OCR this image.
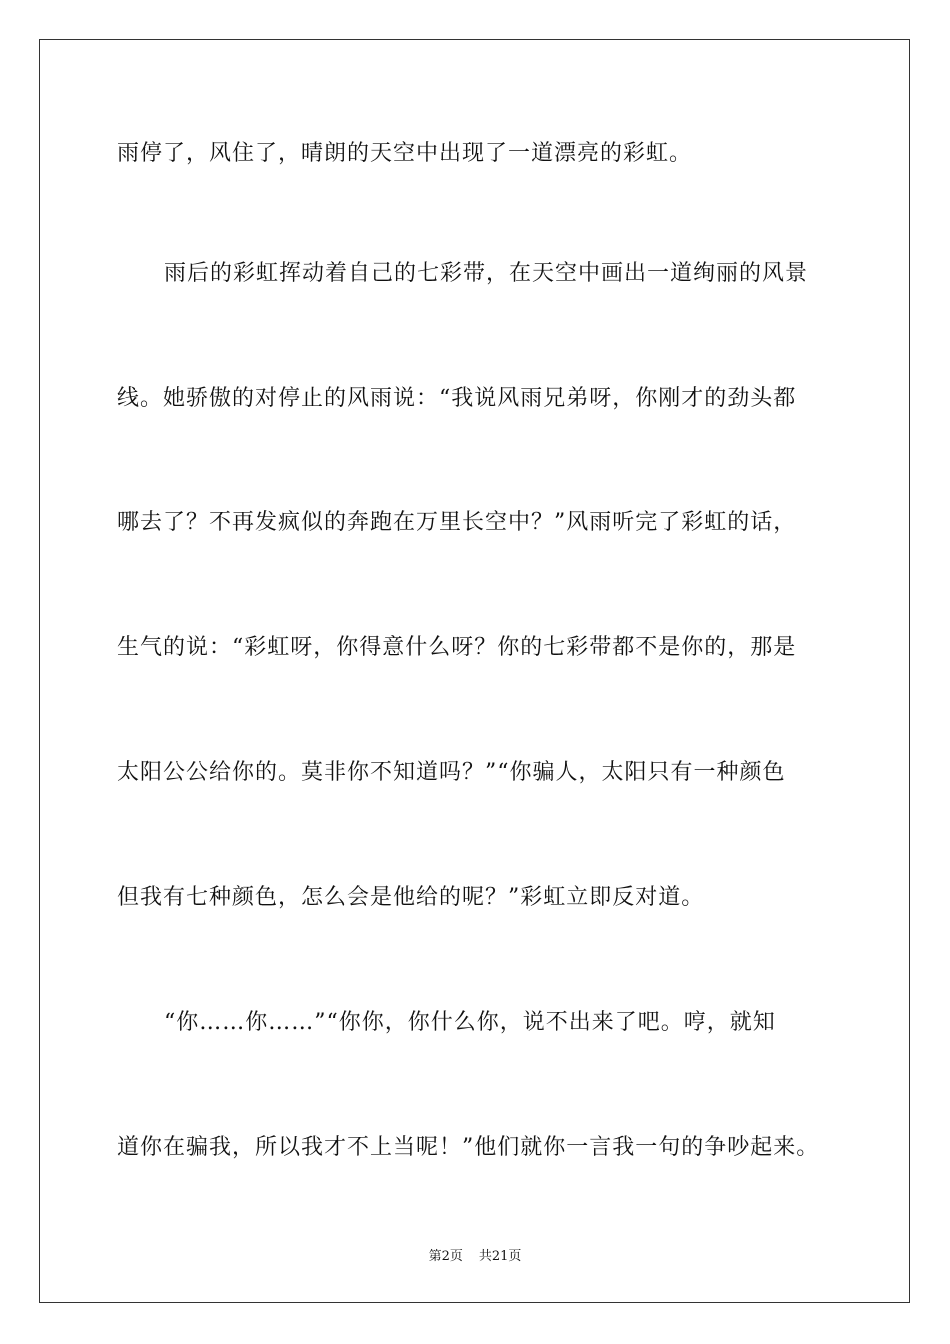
雨停了，风住了，晴朗的天空中出现了一道漂亮的彩虹。
雨后的彩虹挥动着自己的七彩带，在天空中画出一道绚丽的风景
线。她骄傲的对停止的风雨说：“我说风雨兄弟呀，你刚才的劲头都
哪去了？不再发疯似的奔跑在万里长空中？”风雨听完了彩虹的话，
生气的说：“彩虹呀，你得意什么呀？你的七彩带都不是你的，那是
太阳公公给你的。莫非你不知道吗？”“你骗人，太阳只有一种颜色
但我有七种颜色，怎么会是他给的呢？”彩虹立即反对道。
“你……你……”“你你，你什么你，说不出来了吧。哼，就知
道你在骗我，所以我才不上当呢！”他们就你一言我一句的争吵起来。
第2页 共21页
